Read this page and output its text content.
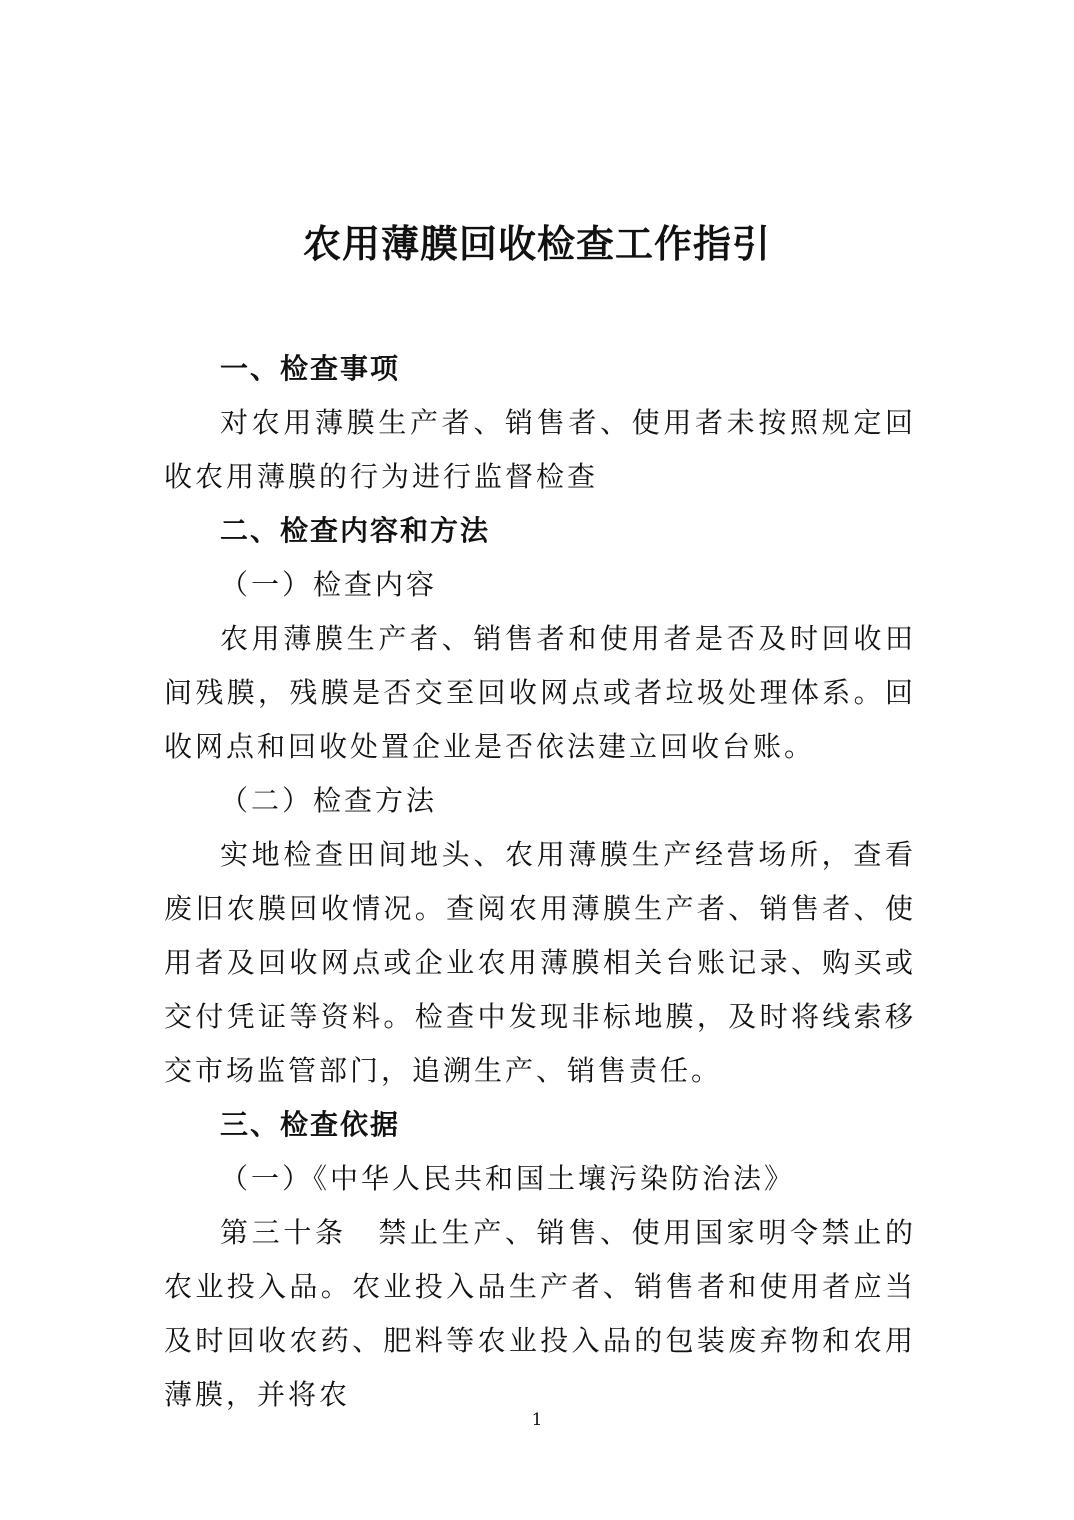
农用薄膜回收检查工作指引

一、检查事项

对农用薄膜生产者、销售者、使用者未按照规定回收农用薄膜的行为进行监督检查

二、检查内容和方法

（一）检查内容

农用薄膜生产者、销售者和使用者是否及时回收田间残膜，残膜是否交至回收网点或者垃圾处理体系。回收网点和回收处置企业是否依法建立回收台账。

（二）检查方法

实地检查田间地头、农用薄膜生产经营场所，查看废旧农膜回收情况。查阅农用薄膜生产者、销售者、使用者及回收网点或企业农用薄膜相关台账记录、购买或交付凭证等资料。检查中发现非标地膜，及时将线索移交市场监管部门，追溯生产、销售责任。

三、检查依据

（一）《中华人民共和国土壤污染防治法》

第三十条　禁止生产、销售、使用国家明令禁止的农业投入品。农业投入品生产者、销售者和使用者应当及时回收农药、肥料等农业投入品的包装废弃物和农用薄膜，并将农

1
